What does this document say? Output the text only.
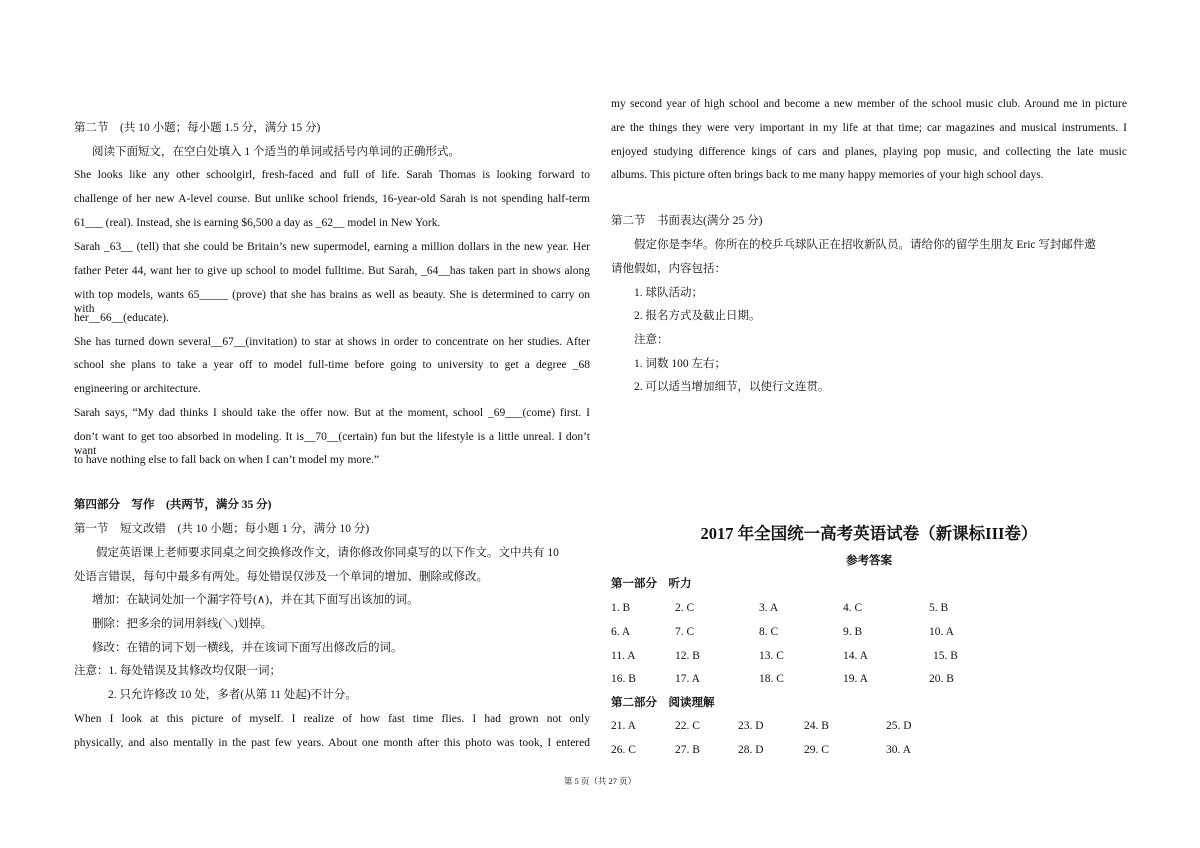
第二节　(共 10 小题；每小题 1.5 分，满分 15 分)
阅读下面短文，在空白处填入 1 个适当的单词或括号内单词的正确形式。
She looks like any other schoolgirl, fresh-faced and full of life. Sarah Thomas is looking forward to
challenge of her new A-level course. But unlike school friends, 16-year-old Sarah is not spending half-term
61___ (real). Instead, she is earning $6,500 a day as _62__ model in New York.
Sarah _63__ (tell) that she could be Britain’s new supermodel, earning a million dollars in the new year. Her
father Peter 44, want her to give up school to model fulltime. But Sarah, _64__has taken part in shows along
with top models, wants 65_____ (prove) that she has brains as well as beauty. She is determined to carry on with
her__66__(educate).
She has turned down several__67__(invitation) to star at shows in order to concentrate on her studies. After
school she plans to take a year off to model full-time before going to university to get a degree _68
engineering or architecture.
Sarah says, “My dad thinks I should take the offer now. But at the moment, school _69___(come) first. I
don’t want to get too absorbed in modeling. It is__70__(certain) fun but the lifestyle is a little unreal. I don’t want
to have nothing else to fall back on when I can’t model my more.”
第四部分　写作　(共两节，满分 35 分)
第一节　短文改错　(共 10 小题；每小题 1 分，满分 10 分)
假定英语课上老师要求同桌之间交换修改作文，请你修改你同桌写的以下作文。文中共有 10
处语言错误，每句中最多有两处。每处错误仅涉及一个单词的增加、删除或修改。
增加：在缺词处加一个漏字符号(∧)，并在其下面写出该加的词。
删除：把多余的词用斜线(＼)划掉。
修改：在错的词下划一横线，并在该词下面写出修改后的词。
注意：1. 每处错误及其修改均仅限一词；
2. 只允许修改 10 处，多者(从第 11 处起)不计分。
When I look at this picture of myself. I realize of how fast time flies. I had grown not only
physically, and also mentally in the past few years. About one month after this photo was took, I entered
my second year of high school and become a new member of the school music club. Around me in picture
are the things they were very important in my life at that time; car magazines and musical instruments. I
enjoyed studying difference kings of cars and planes, playing pop music, and collecting the late music
albums. This picture often brings back to me many happy memories of your high school days.
第二节　书面表达(满分 25 分)
假定你是李华。你所在的校乒乓球队正在招收新队员。请给你的留学生朋友 Eric 写封邮件邀
请他假如，内容包括：
1. 球队活动；
2. 报名方式及截止日期。
注意：
1. 词数 100 左右；
2. 可以适当增加细节，以使行文连贯。
2017 年全国统一高考英语试卷（新课标III卷）
参考答案
第一部分　听力
1. B	2. C	3. A	4. C	5. B
6. A	7. C	8. C	9. B	10. A
11. A	12. B	13. C	14. A	15. B
16. B	17. A	18. C	19. A	20. B
第二部分　阅读理解
21. A	22. C	23. D	24. B	25. D
26. C	27. B	28. D	29. C	30. A
第 5 页（共 27 页）
